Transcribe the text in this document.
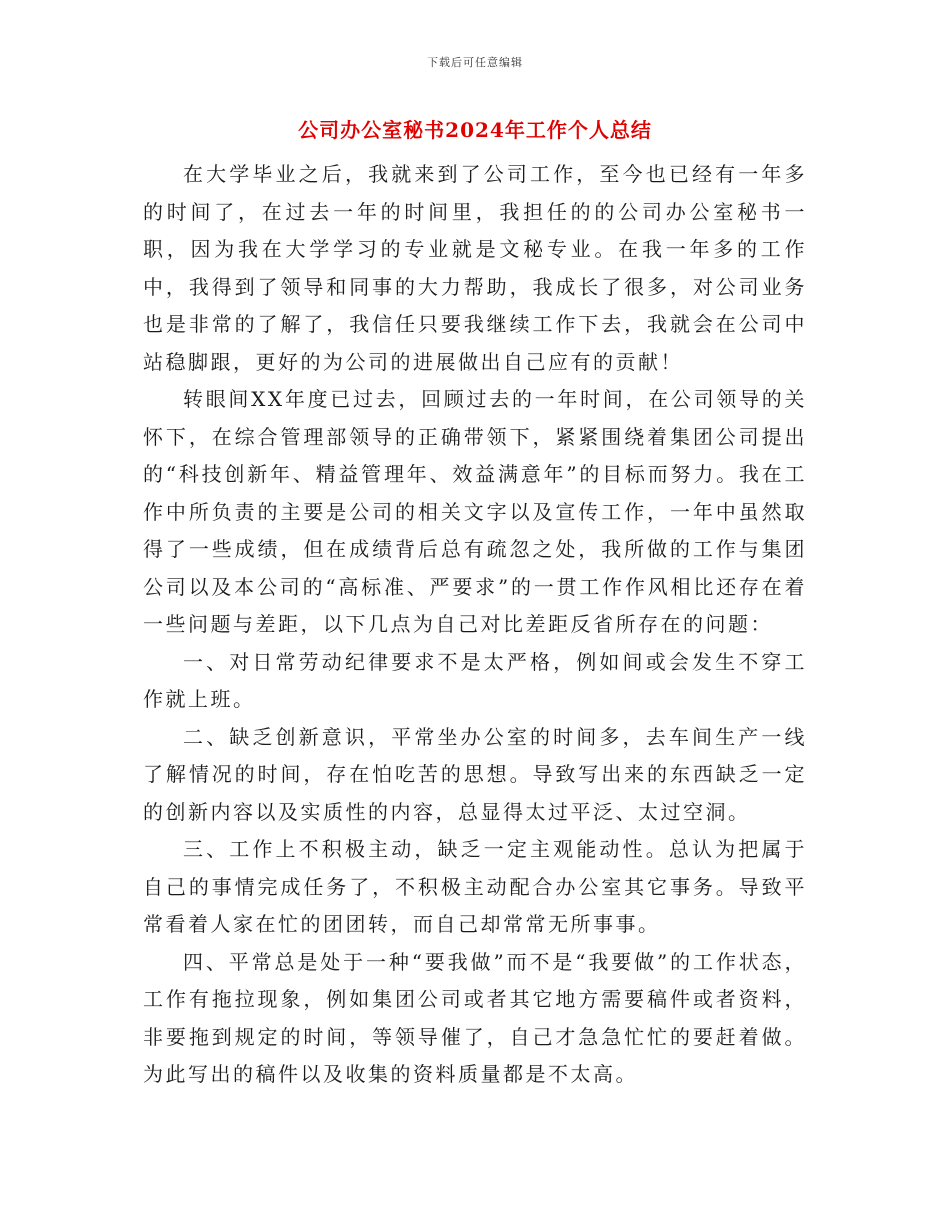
下载后可任意编辑
公司办公室秘书2024年工作个人总结

在大学毕业之后，我就来到了公司工作，至今也已经有一年多的时间了，在过去一年的时间里，我担任的的公司办公室秘书一职，因为我在大学学习的专业就是文秘专业。在我一年多的工作中，我得到了领导和同事的大力帮助，我成长了很多，对公司业务也是非常的了解了，我信任只要我继续工作下去，我就会在公司中站稳脚跟，更好的为公司的进展做出自己应有的贡献！

转眼间XX年度已过去，回顾过去的一年时间，在公司领导的关怀下，在综合管理部领导的正确带领下，紧紧围绕着集团公司提出的“科技创新年、精益管理年、效益满意年”的目标而努力。我在工作中所负责的主要是公司的相关文字以及宣传工作，一年中虽然取得了一些成绩，但在成绩背后总有疏忽之处，我所做的工作与集团公司以及本公司的“高标准、严要求”的一贯工作作风相比还存在着一些问题与差距，以下几点为自己对比差距反省所存在的问题：

一、对日常劳动纪律要求不是太严格，例如间或会发生不穿工作就上班。

二、缺乏创新意识，平常坐办公室的时间多，去车间生产一线了解情况的时间，存在怕吃苦的思想。导致写出来的东西缺乏一定的创新内容以及实质性的内容，总显得太过平泛、太过空洞。

三、工作上不积极主动，缺乏一定主观能动性。总认为把属于自己的事情完成任务了，不积极主动配合办公室其它事务。导致平常看着人家在忙的团团转，而自己却常常无所事事。

四、平常总是处于一种“要我做”而不是“我要做”的工作状态，工作有拖拉现象，例如集团公司或者其它地方需要稿件或者资料，非要拖到规定的时间，等领导催了，自己才急急忙忙的要赶着做。为此写出的稿件以及收集的资料质量都是不太高。
